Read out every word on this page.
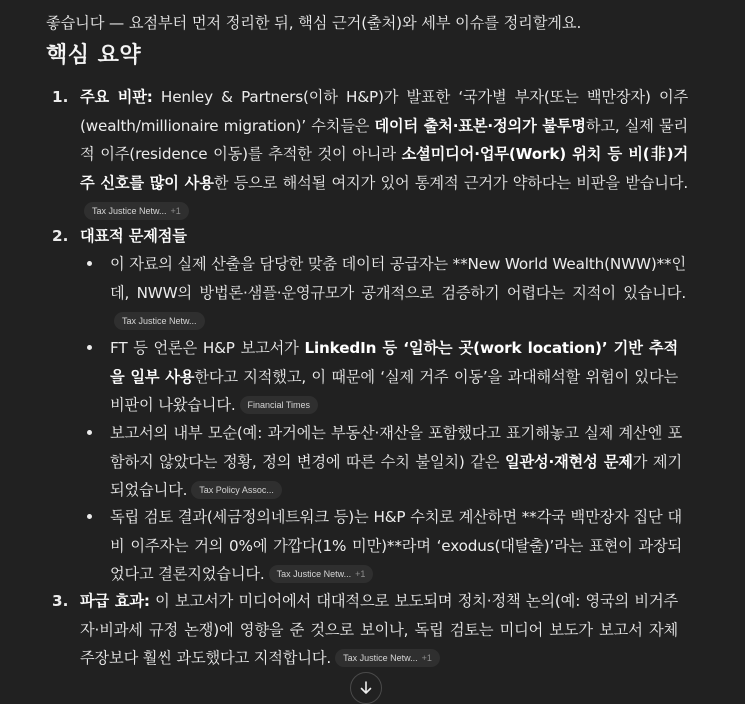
좋습니다 — 요점부터 먼저 정리한 뒤, 핵심 근거(출처)와 세부 이슈를 정리할게요.
핵심 요약
1. 주요 비판: Henley & Partners(이하 H&P)가 발표한 ‘국가별 부자(또는 백만장자) 이주(wealth/millionaire migration)’ 수치들은 데이터 출처·표본·정의가 불투명하고, 실제 물리적 이주(residence 이동)를 추적한 것이 아니라 소셜미디어·업무(Work) 위치 등 비(非)거주 신호를 많이 사용한 등으로 해석될 여지가 있어 통계적 근거가 약하다는 비판을 받습니다.
Tax Justice Netw... +1
2. 대표적 문제점들
이 자료의 실제 산출을 담당한 맞춤 데이터 공급자는 **New World Wealth(NWW)**인데, NWW의 방법론·샘플·운영규모가 공개적으로 검증하기 어렵다는 지적이 있습니다.
Tax Justice Netw...
FT 등 언론은 H&P 보고서가 LinkedIn 등 ‘일하는 곳(work location)’ 기반 추적을 일부 사용한다고 지적했고, 이 때문에 ‘실제 거주 이동’을 과대해석할 위험이 있다는 비판이 나왔습니다. Financial Times
보고서의 내부 모순(예: 과거에는 부동산·재산을 포함했다고 표기해놓고 실제 계산엔 포함하지 않았다는 정황, 정의 변경에 따른 수치 불일치) 같은 일관성·재현성 문제가 제기되었습니다. Tax Policy Assoc...
독립 검토 결과(세금정의네트워크 등)는 H&P 수치로 계산하면 **각국 백만장자 집단 대비 이주자는 거의 0%에 가깝다(1% 미만)**라며 ‘exodus(대탈출)’라는 표현이 과장되었다고 결론지었습니다. Tax Justice Netw... +1
3. 파급 효과: 이 보고서가 미디어에서 대대적으로 보도되며 정치·정책 논의(예: 영국의 비거주자·비과세 규정 논쟁)에 영향을 준 것으로 보이나, 독립 검토는 미디어 보도가 보고서 자체 주장보다 훨씬 과도했다고 지적합니다. Tax Justice Netw... +1
